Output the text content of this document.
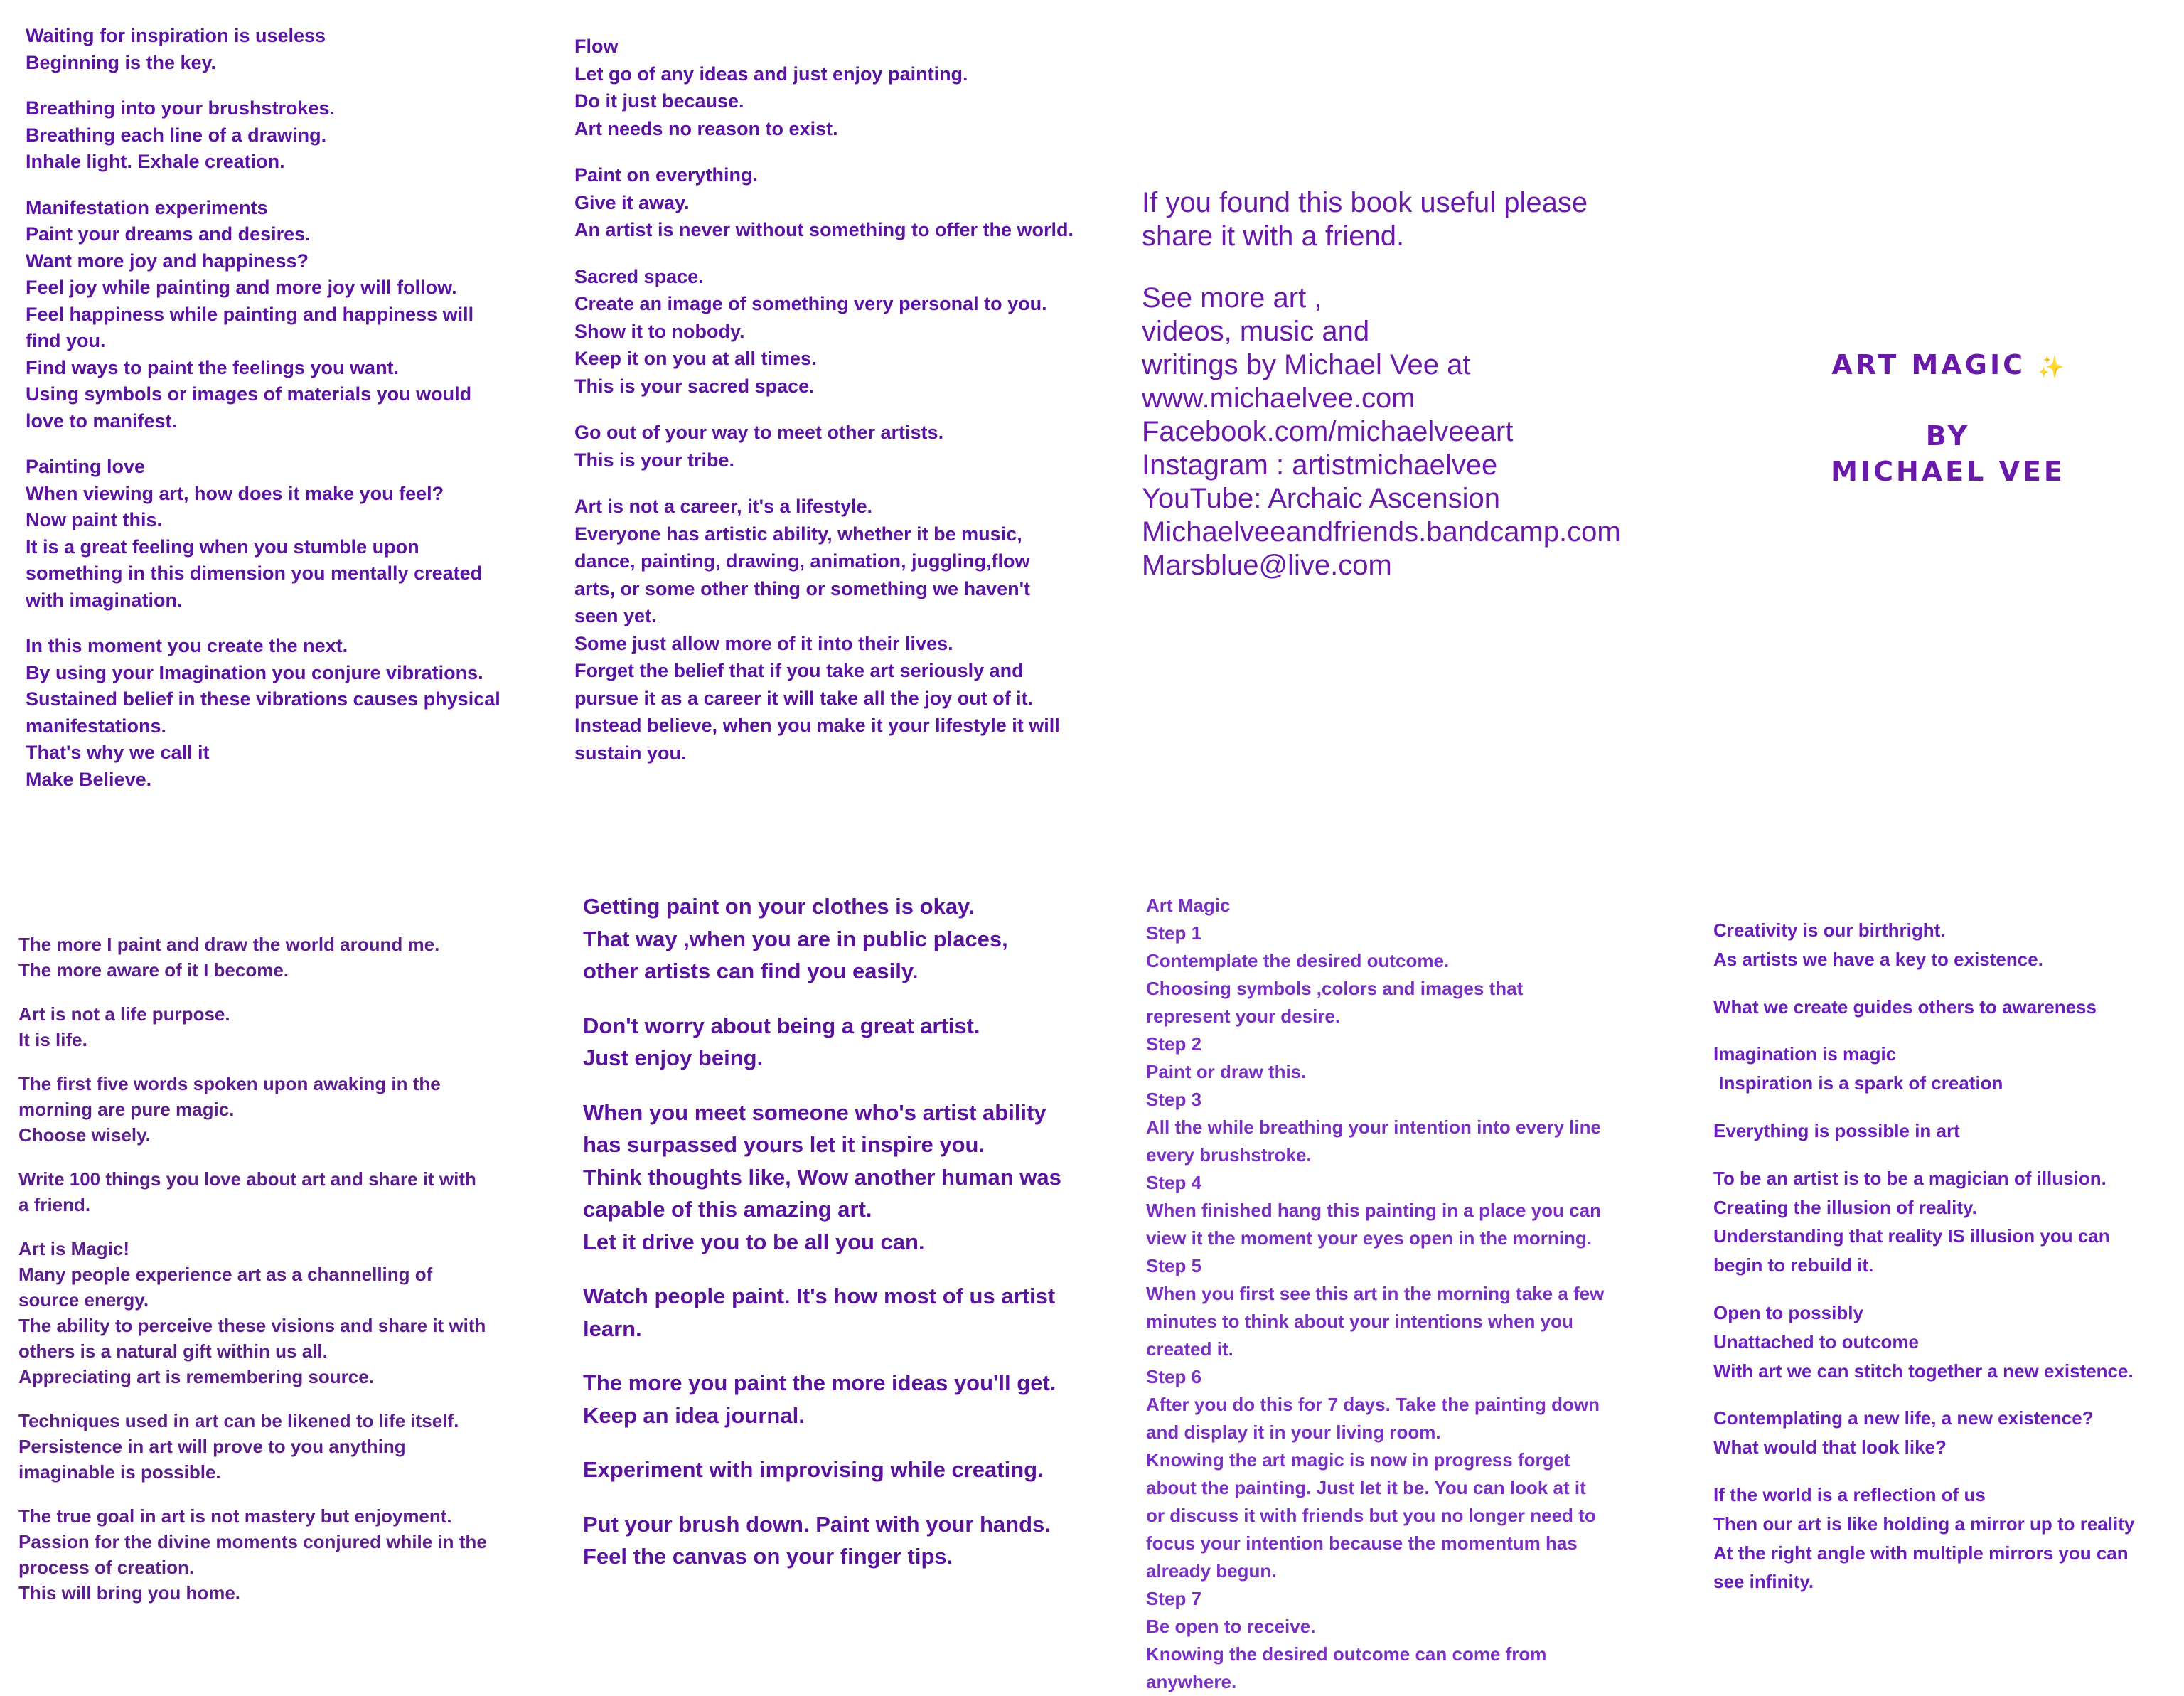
Waiting for inspiration is useless
Beginning is the key.
Breathing into your brushstrokes.
Breathing each line of a drawing.
Inhale light. Exhale creation.
Manifestation experiments
Paint your dreams and desires.
Want more joy and happiness?
Feel joy while painting and more joy will follow.
Feel happiness while painting and happiness will
find you.
Find ways to paint the feelings you want.
Using symbols or images of materials you would
love to manifest.
Painting love
When viewing art, how does it make you feel?
Now paint this.
It is a great feeling when you stumble upon
something in this dimension you mentally created
with imagination.
In this moment you create the next.
By using your Imagination you conjure vibrations.
Sustained belief in these vibrations causes physical
manifestations.
That's why we call it
Make Believe.
Flow
Let go of any ideas and just enjoy painting.
Do it just because.
Art needs no reason to exist.
Paint on everything.
Give it away.
An artist is never without something to offer the world.
Sacred space.
Create an image of something very personal to you.
Show it to nobody.
Keep it on you at all times.
This is your sacred space.
Go out of your way to meet other artists.
This is your tribe.
Art is not a career, it's a lifestyle.
Everyone has artistic ability, whether it be music,
dance, painting, drawing, animation, juggling,flow
arts, or some other thing or something we haven't
seen yet.
Some just allow more of it into their lives.
Forget the belief that if you take art seriously and
pursue it as a career it will take all the joy out of it.
Instead believe, when you make it your lifestyle it will
sustain you.
If you found this book useful please
share it with a friend.
See more art ,
videos, music and
writings by Michael Vee at
www.michaelvee.com
Facebook.com/michaelveeart
Instagram : artistmichaelvee
YouTube: Archaic Ascension
Michaelveeandfriends.bandcamp.com
Marsblue@live.com
ART MAGIC ✨
BY
MICHAEL VEE
The more I paint and draw the world around me.
The more aware of it I become.
Art is not a life purpose.
It is life.
The first five words spoken upon awaking in the
morning are pure magic.
Choose wisely.
Write 100 things you love about art and share it with
a friend.
Art is Magic!
Many people experience art as a channelling of
source energy.
The ability to perceive these visions and share it with
others is a natural gift within us all.
Appreciating art is remembering source.
Techniques used in art can be likened to life itself.
Persistence in art will prove to you anything
imaginable is possible.
The true goal in art is not mastery but enjoyment.
Passion for the divine moments conjured while in the
process of creation.
This will bring you home.
Getting paint on your clothes is okay.
That way ,when you are in public places,
other artists can find you easily.
Don't worry about being a great artist.
Just enjoy being.
When you meet someone who's artist ability
has surpassed yours let it inspire you.
Think thoughts like, Wow another human was
capable of this amazing art.
Let it drive you to be all you can.
Watch people paint. It's how most of us artist
learn.
The more you paint the more ideas you'll get.
Keep an idea journal.
Experiment with improvising while creating.
Put your brush down. Paint with your hands.
Feel the canvas on your finger tips.
Art Magic
Step 1
Contemplate the desired outcome.
Choosing symbols ,colors and images that
represent your desire.
Step 2
Paint or draw this.
Step 3
All the while breathing your intention into every line
every brushstroke.
Step 4
When finished hang this painting in a place you can
view it the moment your eyes open in the morning.
Step 5
When you first see this art in the morning take a few
minutes to think about your intentions when you
created it.
Step 6
After you do this for 7 days. Take the painting down
and display it in your living room.
Knowing the art magic is now in progress forget
about the painting. Just let it be. You can look at it
or discuss it with friends but you no longer need to
focus your intention because the momentum has
already begun.
Step 7
Be open to receive.
Knowing the desired outcome can come from
anywhere.
Creativity is our birthright.
As artists we have a key to existence.
What we create guides others to awareness
Imagination is magic
Inspiration is a spark of creation
Everything is possible in art
To be an artist is to be a magician of illusion.
Creating the illusion of reality.
Understanding that reality IS illusion you can
begin to rebuild it.
Open to possibly
Unattached to outcome
With art we can stitch together a new existence.
Contemplating a new life, a new existence?
What would that look like?
If the world is a reflection of us
Then our art is like holding a mirror up to reality
At the right angle with multiple mirrors you can
see infinity.
